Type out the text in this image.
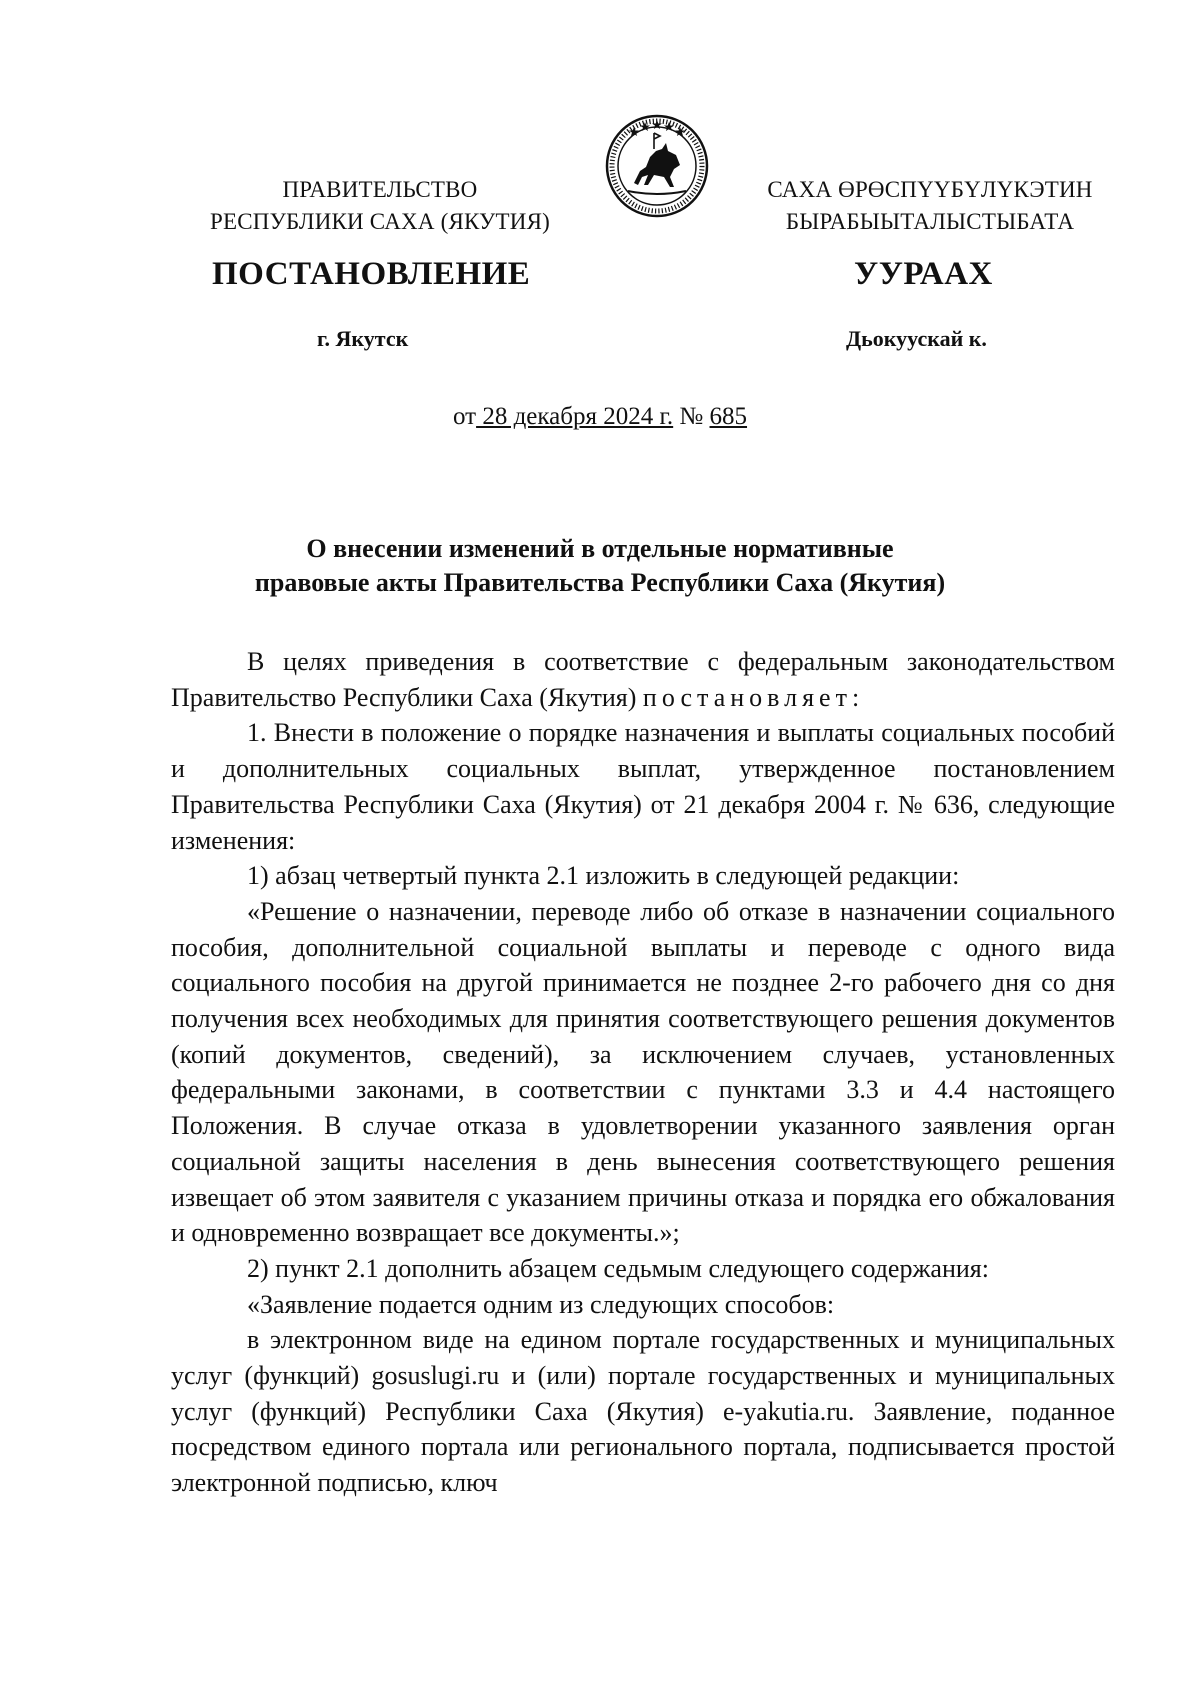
ПРАВИТЕЛЬСТВО
РЕСПУБЛИКИ САХА (ЯКУТИЯ)
САХА ӨРӨСПҮҮБҮЛҮКЭТИН
БЫРАБЫЫТАЛЫСТЫБАТА
ПОСТАНОВЛЕНИЕ	УУРААХ
г. Якутск	Дьокуускай к.
от 28 декабря 2024 г. № 685
О внесении изменений в отдельные нормативные
правовые акты Правительства Республики Саха (Якутия)

В целях приведения в соответствие с федеральным законодательством Правительство Республики Саха (Якутия) постановляет:

1. Внести в положение о порядке назначения и выплаты социальных пособий и дополнительных социальных выплат, утвержденное постановлением Правительства Республики Саха (Якутия) от 21 декабря 2004 г. № 636, следующие изменения:

1) абзац четвертый пункта 2.1 изложить в следующей редакции:

«Решение о назначении, переводе либо об отказе в назначении социального пособия, дополнительной социальной выплаты и переводе с одного вида социального пособия на другой принимается не позднее 2-го рабочего дня со дня получения всех необходимых для принятия соответствующего решения документов (копий документов, сведений), за исключением случаев, установленных федеральными законами, в соответствии с пунктами 3.3 и 4.4 настоящего Положения. В случае отказа в удовлетворении указанного заявления орган социальной защиты населения в день вынесения соответствующего решения извещает об этом заявителя с указанием причины отказа и порядка его обжалования и одновременно возвращает все документы.»;

2) пункт 2.1 дополнить абзацем седьмым следующего содержания:

«Заявление подается одним из следующих способов:

в электронном виде на едином портале государственных и муниципальных услуг (функций) gosuslugi.ru и (или) портале государственных и муниципальных услуг (функций) Республики Саха (Якутия) e-yakutia.ru. Заявление, поданное посредством единого портала или регионального портала, подписывается простой электронной подписью, ключ
